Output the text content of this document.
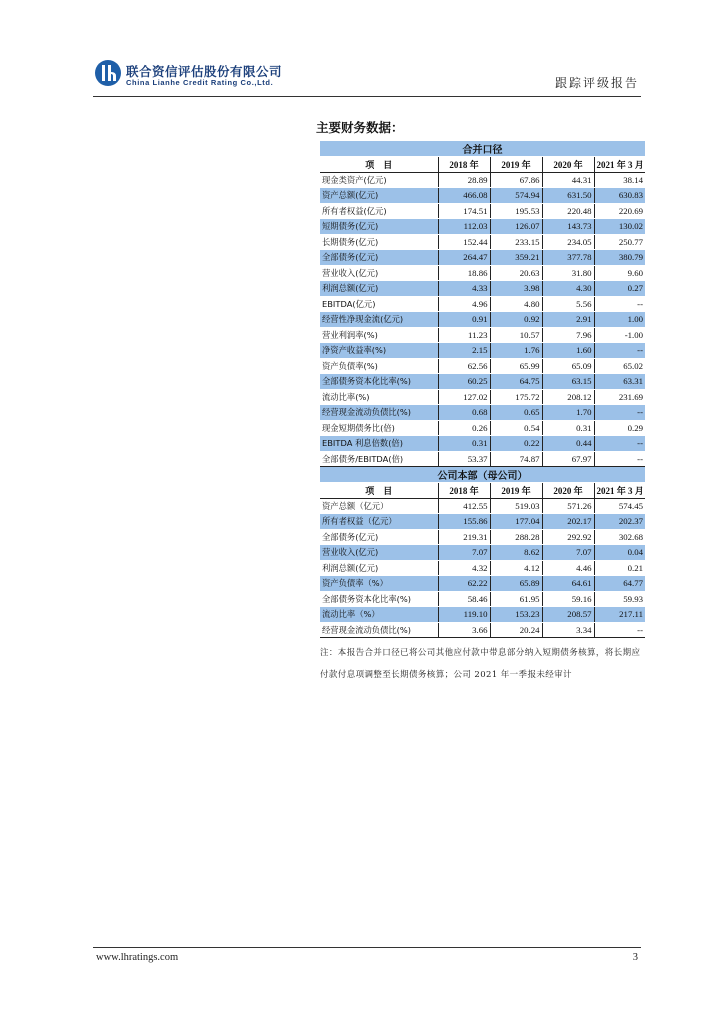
联合资信评估股份有限公司
China Lianhe Credit Rating Co.,Ltd.	跟踪评级报告
主要财务数据：
合并口径				
项　目	2018 年	2019 年	2020 年	2021 年 3 月
现金类资产(亿元)	28.89	67.86	44.31	38.14
资产总额(亿元)	466.08	574.94	631.50	630.83
所有者权益(亿元)	174.51	195.53	220.48	220.69
短期债务(亿元)	112.03	126.07	143.73	130.02
长期债务(亿元)	152.44	233.15	234.05	250.77
全部债务(亿元)	264.47	359.21	377.78	380.79
营业收入(亿元)	18.86	20.63	31.80	9.60
利润总额(亿元)	4.33	3.98	4.30	0.27
EBITDA(亿元)	4.96	4.80	5.56	--
经营性净现金流(亿元)	0.91	0.92	2.91	1.00
营业利润率(%)	11.23	10.57	7.96	-1.00
净资产收益率(%)	2.15	1.76	1.60	--
资产负债率(%)	62.56	65.99	65.09	65.02
全部债务资本化比率(%)	60.25	64.75	63.15	63.31
流动比率(%)	127.02	175.72	208.12	231.69
经营现金流动负债比(%)	0.68	0.65	1.70	--
现金短期债务比(倍)	0.26	0.54	0.31	0.29
EBITDA 利息倍数(倍)	0.31	0.22	0.44	--
全部债务/EBITDA(倍)	53.37	74.87	67.97	--
公司本部（母公司）				
项　目	2018 年	2019 年	2020 年	2021 年 3 月
资产总额（亿元）	412.55	519.03	571.26	574.45
所有者权益（亿元）	155.86	177.04	202.17	202.37
全部债务(亿元)	219.31	288.28	292.92	302.68
营业收入(亿元)	7.07	8.62	7.07	0.04
利润总额(亿元)	4.32	4.12	4.46	0.21
资产负债率（%）	62.22	65.89	64.61	64.77
全部债务资本化比率(%)	58.46	61.95	59.16	59.93
流动比率（%）	119.10	153.23	208.57	217.11
经营现金流动负债比(%)	3.66	20.24	3.34	--
注：本报告合并口径已将公司其他应付款中带息部分纳入短期债务核算，将长期应付款付息项调整至长期债务核算；公司 2021 年一季报未经审计
www.lhratings.com	3
